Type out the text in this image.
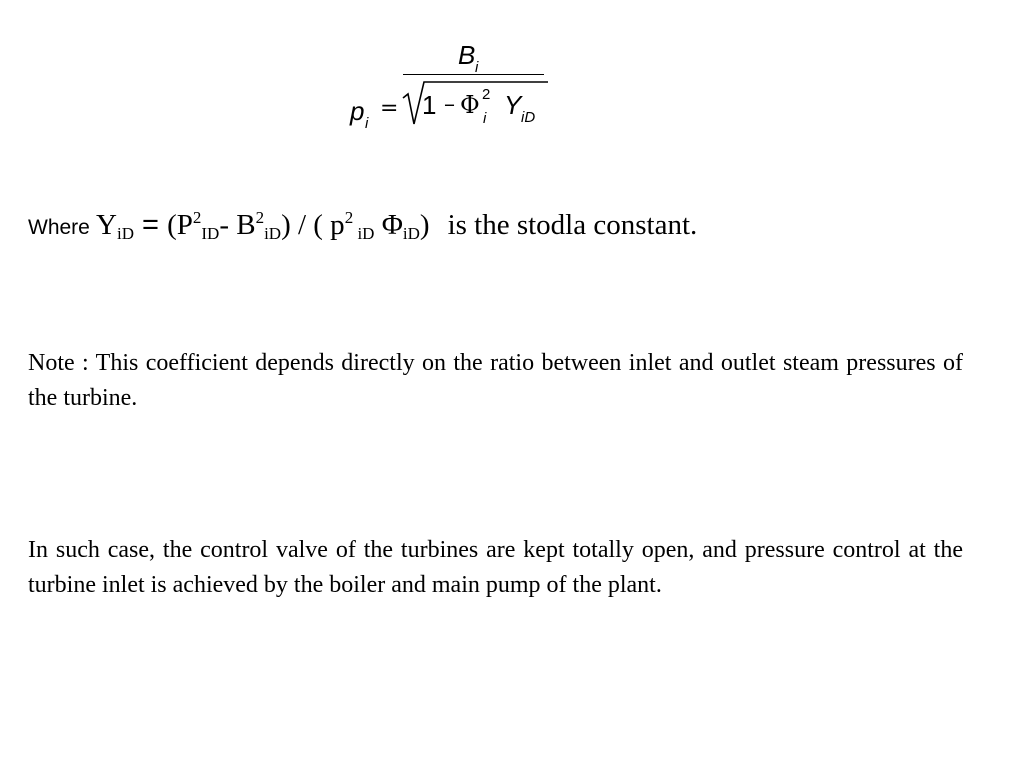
p i
=
B i
1 – Φ 2
i Y iD
Where $Y_{iD} = (P^2_{ID}-$ $B^2_{iD}$) / ( $p^2$ $_{iD}$ $\Phi_{iD}$) is the stodla constant.

Note : This coefficient depends directly on the ratio between inlet and outlet steam pressures of the turbine.

In such case, the control valve of the turbines are kept totally open, and pressure control at the turbine inlet is achieved by the boiler and main pump of the plant.
